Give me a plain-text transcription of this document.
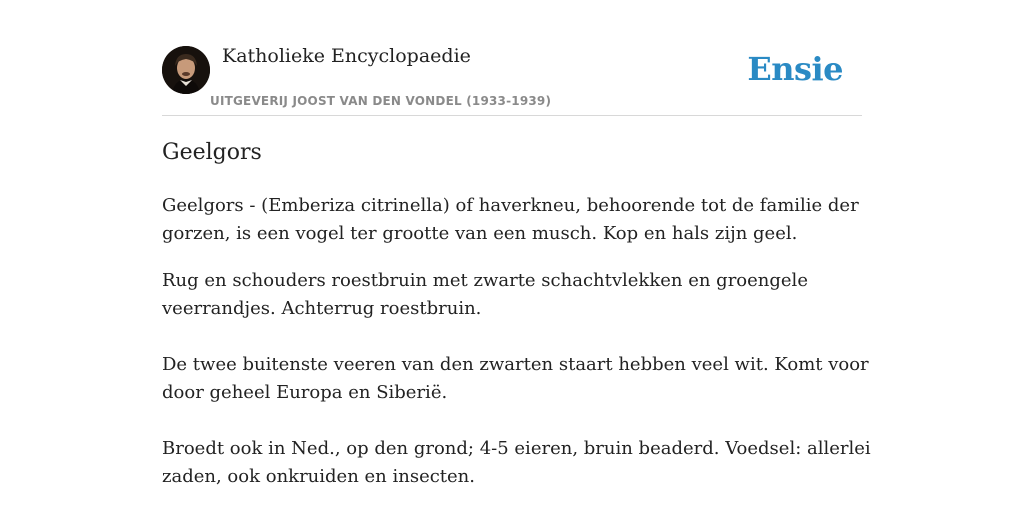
Katholieke Encyclopaedie
UITGEVERIJ JOOST VAN DEN VONDEL (1933-1939)
Ensie
Geelgors

Geelgors - (Emberiza citrinella) of haverkneu, behoorende tot de familie der gorzen, is een vogel ter grootte van een musch. Kop en hals zijn geel.

Rug en schouders roestbruin met zwarte schachtvlekken en groengele veerrandjes. Achterrug roestbruin.

De twee buitenste veeren van den zwarten staart hebben veel wit. Komt voor door geheel Europa en Siberië.

Broedt ook in Ned., op den grond; 4-5 eieren, bruin beaderd. Voedsel: allerlei zaden, ook onkruiden en insecten.
